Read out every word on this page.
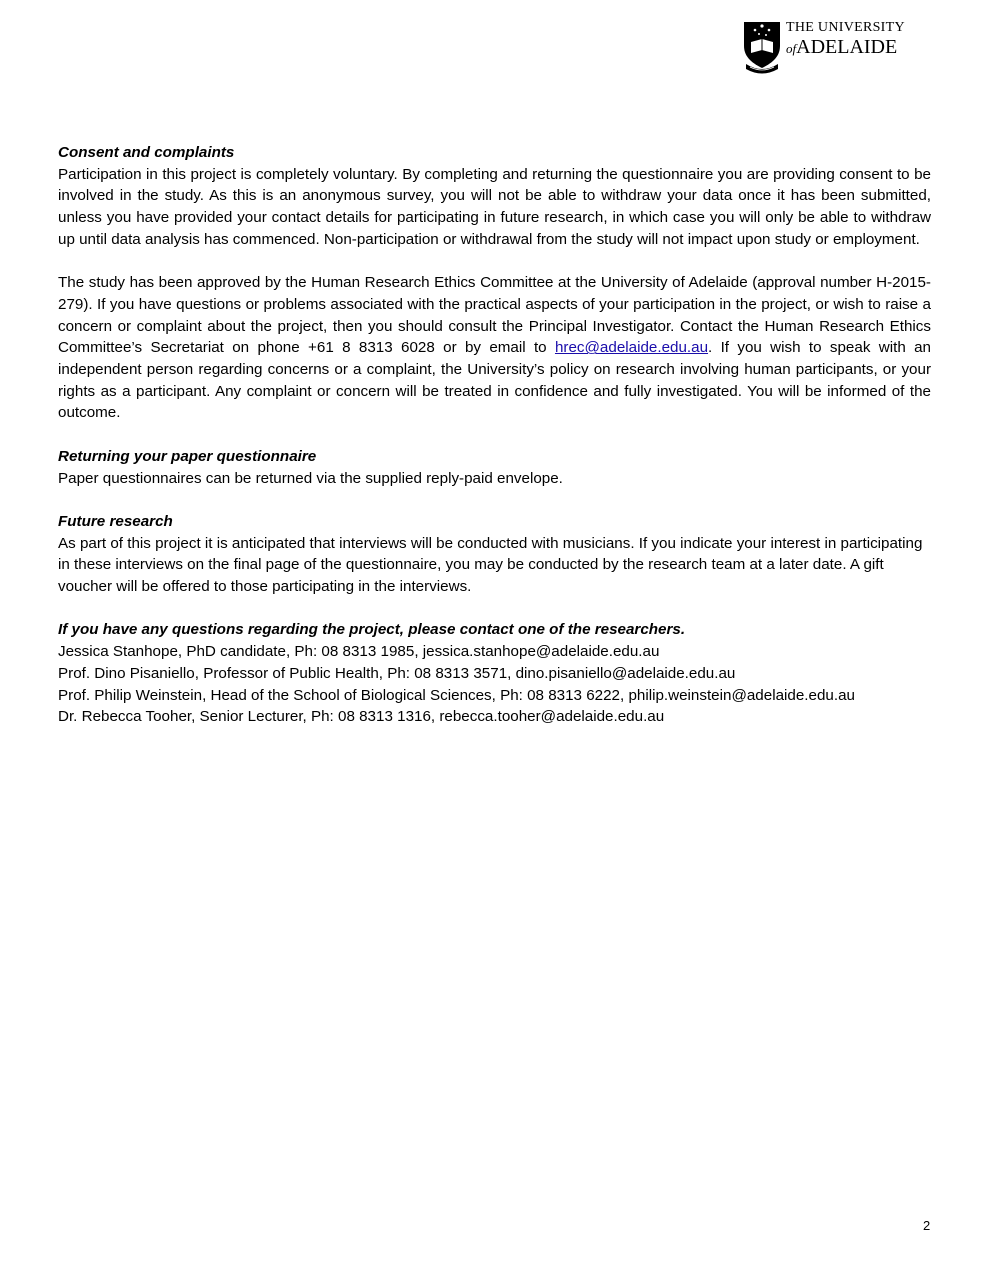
THE UNIVERSITY
ofADELAIDE
Consent and complaints

Participation in this project is completely voluntary. By completing and returning the questionnaire you are providing consent to be involved in the study. As this is an anonymous survey, you will not be able to withdraw your data once it has been submitted, unless you have provided your contact details for participating in future research, in which case you will only be able to withdraw up until data analysis has commenced. Non-participation or withdrawal from the study will not impact upon study or employment.

The study has been approved by the Human Research Ethics Committee at the University of Adelaide (approval number H-2015-279). If you have questions or problems associated with the practical aspects of your participation in the project, or wish to raise a concern or complaint about the project, then you should consult the Principal Investigator. Contact the Human Research Ethics Committee’s Secretariat on phone +61 8 8313 6028 or by email to hrec@adelaide.edu.au. If you wish to speak with an independent person regarding concerns or a complaint, the University’s policy on research involving human participants, or your rights as a participant. Any complaint or concern will be treated in confidence and fully investigated. You will be informed of the outcome.

Returning your paper questionnaire

Paper questionnaires can be returned via the supplied reply-paid envelope.

Future research

As part of this project it is anticipated that interviews will be conducted with musicians. If you indicate your interest in participating in these interviews on the final page of the questionnaire, you may be conducted by the research team at a later date. A gift voucher will be offered to those participating in the interviews.

If you have any questions regarding the project, please contact one of the researchers.
Jessica Stanhope, PhD candidate, Ph: 08 8313 1985, jessica.stanhope@adelaide.edu.au
Prof. Dino Pisaniello, Professor of Public Health, Ph: 08 8313 3571, dino.pisaniello@adelaide.edu.au
Prof. Philip Weinstein, Head of the School of Biological Sciences, Ph: 08 8313 6222, philip.weinstein@adelaide.edu.au
Dr. Rebecca Tooher, Senior Lecturer, Ph: 08 8313 1316, rebecca.tooher@adelaide.edu.au
2
